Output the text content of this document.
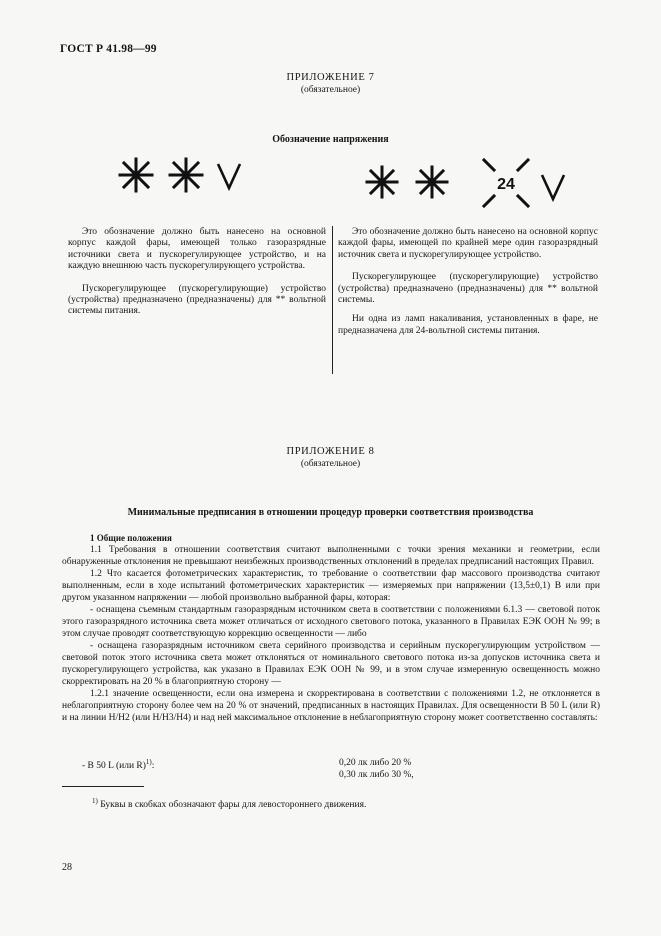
ГОСТ Р 41.98—99
ПРИЛОЖЕНИЕ 7
(обязательное)
Обозначение напряжения
24

Это обозначение должно быть нанесено на основной корпус каждой фары, имеющей только газоразрядные источники света и пускорегулирующее устройство, и на каждую внешнюю часть пускорегулирующего устройства.

Пускорегулирующее (пускорегулирующие) устройство (устройства) предназначено (предназначены) для ** вольтной системы питания.

Это обозначение должно быть нанесено на основной корпус каждой фары, имеющей по крайней мере один газоразрядный источник света и пускорегулирующее устройство.

Пускорегулирующее (пускорегулирующие) устройство (устройства) предназначено (предназначены) для ** вольтной системы.

Ни одна из ламп накаливания, установленных в фаре, не предназначена для 24-вольтной системы питания.

ПРИЛОЖЕНИЕ 8
(обязательное)
Минимальные предписания в отношении процедур проверки соответствия производства

1 Общие положения

1.1 Требования в отношении соответствия считают выполненными с точки зрения механики и геометрии, если обнаруженные отклонения не превышают неизбежных производственных отклонений в пределах предписаний настоящих Правил.

1.2 Что касается фотометрических характеристик, то требование о соответствии фар массового производства считают выполненным, если в ходе испытаний фотометрических характеристик — измеряемых при напряжении (13,5±0,1) В или при другом указанном напряжении — любой произвольно выбранной фары, которая:

- оснащена съемным стандартным газоразрядным источником света в соответствии с положениями 6.1.3 — световой поток этого газоразрядного источника света может отличаться от исходного светового потока, указанного в Правилах ЕЭК ООН № 99; в этом случае проводят соответствующую коррекцию освещенности — либо

- оснащена газоразрядным источником света серийного производства и серийным пускорегулирующим устройством — световой поток этого источника света может отклоняться от номинального светового потока из-за допусков источника света и пускорегулирующего устройства, как указано в Правилах ЕЭК ООН № 99, и в этом случае измеренную освещенность можно скорректировать на 20 % в благоприятную сторону —

1.2.1 значение освещенности, если она измерена и скорректирована в соответствии с положениями 1.2, не отклоняется в неблагоприятную сторону более чем на 20 % от значений, предписанных в настоящих Правилах. Для освещенности В 50 L (или R) и на линии H/H2 (или H/H3/H4) и над ней максимальное отклонение в неблагоприятную сторону может соответственно составлять:

- B 50 L (или R)$^{1)}$:	0,20 лк либо 20 %
0,30 лк либо 30 %,
$^{1)}$ Буквы в скобках обозначают фары для левостороннего движения.
28
